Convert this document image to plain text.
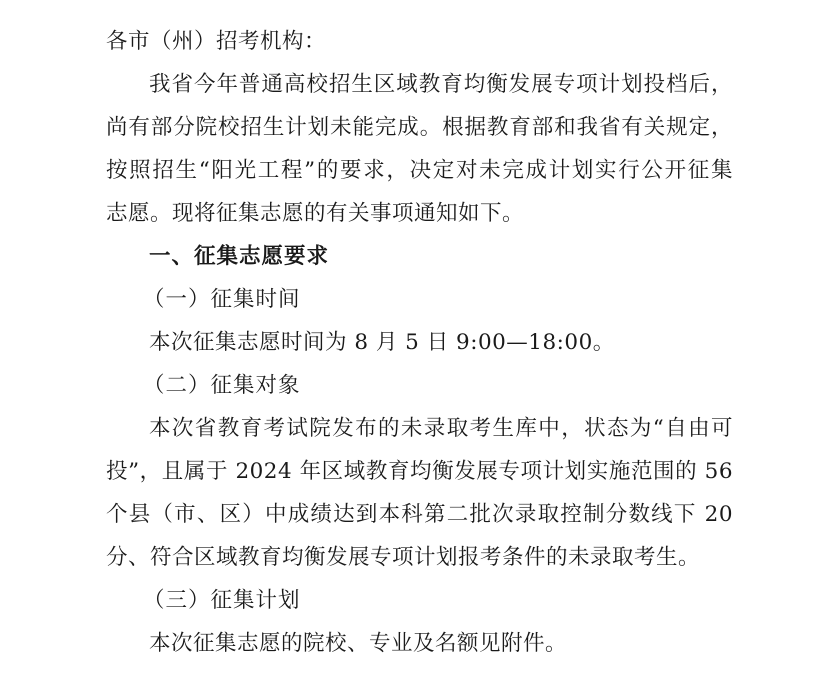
各市（州）招考机构：
我省今年普通高校招生区域教育均衡发展专项计划投档后，
尚有部分院校招生计划未能完成。根据教育部和我省有关规定，
按照招生“阳光工程”的要求，决定对未完成计划实行公开征集
志愿。现将征集志愿的有关事项通知如下。
一、征集志愿要求
（一）征集时间
本次征集志愿时间为 8 月 5 日 9:00—18:00。
（二）征集对象
本次省教育考试院发布的未录取考生库中，状态为“自由可
投”，且属于 2024 年区域教育均衡发展专项计划实施范围的 56
个县（市、区）中成绩达到本科第二批次录取控制分数线下 20
分、符合区域教育均衡发展专项计划报考条件的未录取考生。
（三）征集计划
本次征集志愿的院校、专业及名额见附件。
